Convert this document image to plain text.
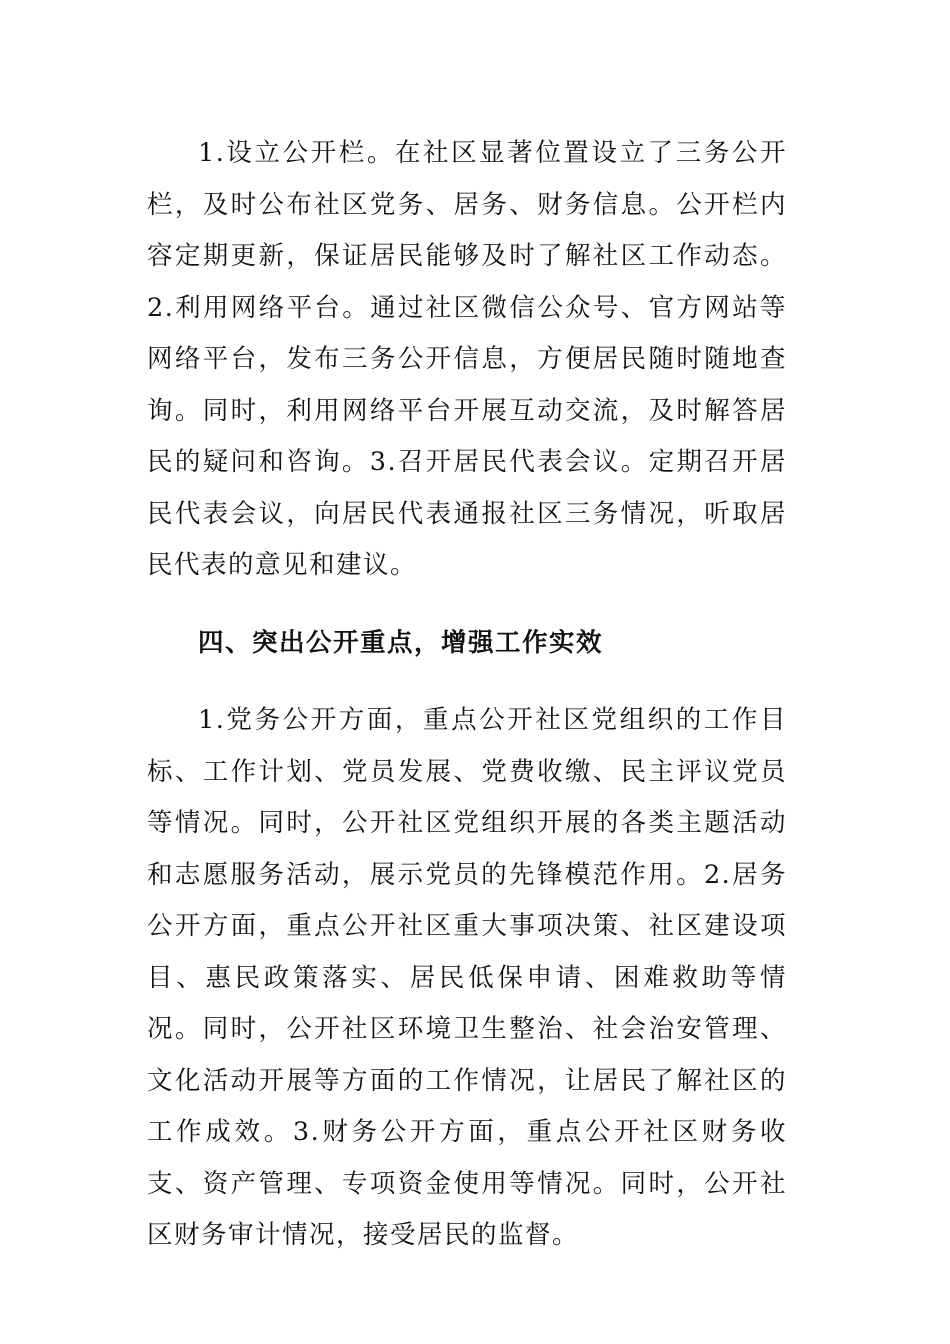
1.设立公开栏。在社区显著位置设立了三务公开栏，及时公布社区党务、居务、财务信息。公开栏内容定期更新，保证居民能够及时了解社区工作动态。2.利用网络平台。通过社区微信公众号、官方网站等网络平台，发布三务公开信息，方便居民随时随地查询。同时，利用网络平台开展互动交流，及时解答居民的疑问和咨询。3.召开居民代表会议。定期召开居民代表会议，向居民代表通报社区三务情况，听取居民代表的意见和建议。

四、突出公开重点，增强工作实效

1.党务公开方面，重点公开社区党组织的工作目标、工作计划、党员发展、党费收缴、民主评议党员等情况。同时，公开社区党组织开展的各类主题活动和志愿服务活动，展示党员的先锋模范作用。2.居务公开方面，重点公开社区重大事项决策、社区建设项目、惠民政策落实、居民低保申请、困难救助等情况。同时，公开社区环境卫生整治、社会治安管理、文化活动开展等方面的工作情况，让居民了解社区的工作成效。3.财务公开方面，重点公开社区财务收支、资产管理、专项资金使用等情况。同时，公开社区财务审计情况，接受居民的监督。
